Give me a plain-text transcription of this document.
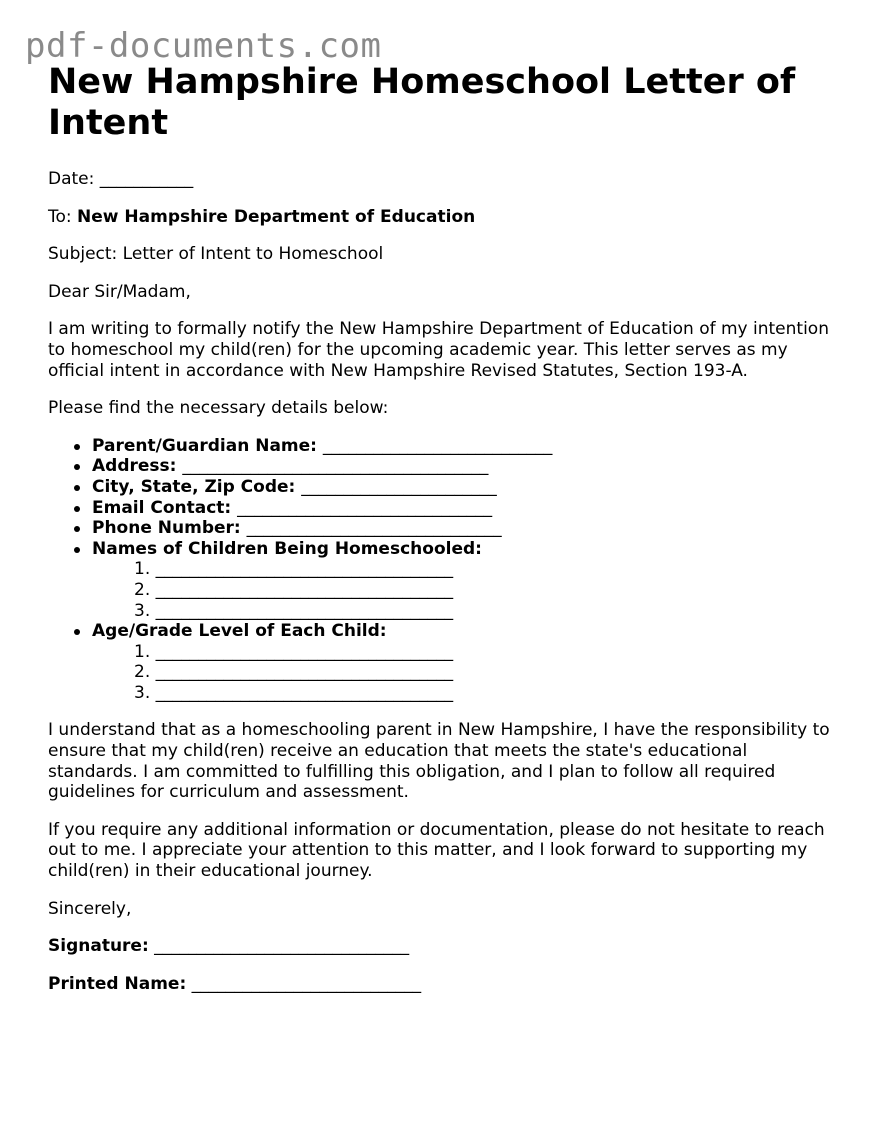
pdf-documents.com
New Hampshire Homeschool Letter of Intent

Date: ___________

To: New Hampshire Department of Education

Subject: Letter of Intent to Homeschool

Dear Sir/Madam,

I am writing to formally notify the New Hampshire Department of Education of my intention to homeschool my child(ren) for the upcoming academic year. This letter serves as my official intent in accordance with New Hampshire Revised Statutes, Section 193-A.

Please find the necessary details below:

Parent/Guardian Name: ___________________________
Address: ____________________________________
City, State, Zip Code: _______________________
Email Contact: ______________________________
Phone Number: ______________________________
Names of Children Being Homeschooled:
1. ___________________________________
2. ___________________________________
3. ___________________________________
Age/Grade Level of Each Child:
1. ___________________________________
2. ___________________________________
3. ___________________________________

I understand that as a homeschooling parent in New Hampshire, I have the responsibility to ensure that my child(ren) receive an education that meets the state's educational standards. I am committed to fulfilling this obligation, and I plan to follow all required guidelines for curriculum and assessment.

If you require any additional information or documentation, please do not hesitate to reach out to me. I appreciate your attention to this matter, and I look forward to supporting my child(ren) in their educational journey.

Sincerely,

Signature: ______________________________

Printed Name: ___________________________
